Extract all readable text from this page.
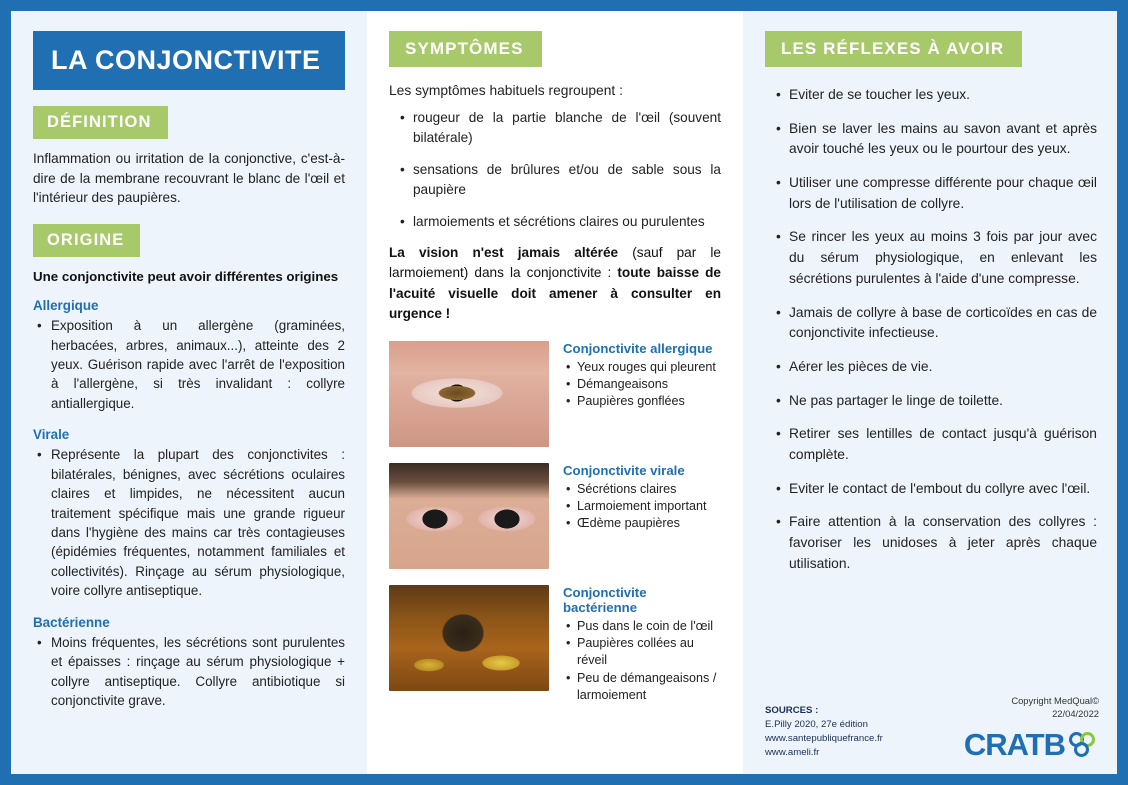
LA CONJONCTIVITE
DÉFINITION

Inflammation ou irritation de la conjonctive, c'est-à-dire de la membrane recouvrant le blanc de l'œil et l'intérieur des paupières.

ORIGINE

Une conjonctivite peut avoir différentes origines

Allergique
• Exposition à un allergène (graminées, herbacées, arbres, animaux...), atteinte des 2 yeux. Guérison rapide avec l'arrêt de l'exposition à l'allergène, si très invalidant : collyre antiallergique.
Virale
• Représente la plupart des conjonctivites : bilatérales, bénignes, avec sécrétions oculaires claires et limpides, ne nécessitent aucun traitement spécifique mais une grande rigueur dans l'hygiène des mains car très contagieuses (épidémies fréquentes, notamment familiales et collectivités). Rinçage au sérum physiologique, voire collyre antiseptique.
Bactérienne
• Moins fréquentes, les sécrétions sont purulentes et épaisses : rinçage au sérum physiologique + collyre antiseptique. Collyre antibiotique si conjonctivite grave.
SYMPTÔMES

Les symptômes habituels regroupent :

• rougeur de la partie blanche de l'œil (souvent bilatérale)
• sensations de brûlures et/ou de sable sous la paupière
• larmoiements et sécrétions claires ou purulentes

La vision n'est jamais altérée (sauf par le larmoiement) dans la conjonctivite : toute baisse de l'acuité visuelle doit amener à consulter en urgence !

Conjonctivite allergique
• Yeux rouges qui pleurent
• Démangeaisons
• Paupières gonflées
Conjonctivite virale
• Sécrétions claires
• Larmoiement important
• Œdème paupières
Conjonctivite bactérienne
• Pus dans le coin de l'œil
• Paupières collées au réveil
• Peu de démangeaisons / larmoiement
LES RÉFLEXES À AVOIR
• Eviter de se toucher les yeux.
• Bien se laver les mains au savon avant et après avoir touché les yeux ou le pourtour des yeux.
• Utiliser une compresse différente pour chaque œil lors de l'utilisation de collyre.
• Se rincer les yeux au moins 3 fois par jour avec du sérum physiologique, en enlevant les sécrétions purulentes à l'aide d'une compresse.
• Jamais de collyre à base de corticoïdes en cas de conjonctivite infectieuse.
• Aérer les pièces de vie.
• Ne pas partager le linge de toilette.
• Retirer ses lentilles de contact jusqu'à guérison complète.
• Eviter le contact de l'embout du collyre avec l'œil.
• Faire attention à la conservation des collyres : favoriser les unidoses à jeter après chaque utilisation.
SOURCES :
E.Pilly 2020, 27e édition
www.santepubliquefrance.fr
www.ameli.fr
Copyright MedQual©
22/04/2022
CRATB
